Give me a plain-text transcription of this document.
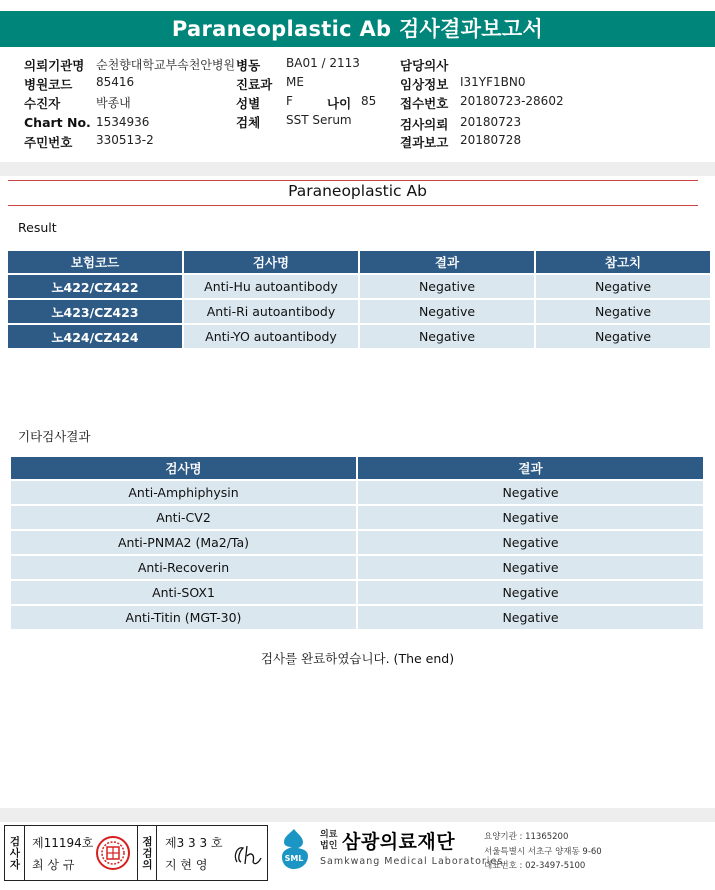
Paraneoplastic Ab 검사결과보고서
의뢰기관명 순천향대학교부속천안병원 병동 BA01 / 2113	담당의사
병원코드 85416	진료과 ME	임상정보 I31YF1BN0
수진자	박종내	성별 F	나이 85 접수번호 20180723-28602
Chart No. 1534936	검체 SST Serum	검사의뢰 20180723
주민번호 330513-2	결과보고 20180728
Paraneoplastic Ab
Result
보험코드	검사명	결과	참고치
노422/CZ422	Anti-Hu autoantibody	Negative	Negative
노423/CZ423	Anti-Ri autoantibody	Negative	Negative
노424/CZ424	Anti-YO autoantibody	Negative	Negative
기타검사결과
검사명	결과
Anti-Amphiphysin	Negative
Anti-CV2	Negative
Anti-PNMA2 (Ma2/Ta)	Negative
Anti-Recoverin	Negative
Anti-SOX1	Negative
Anti-Titin (MGT-30)	Negative
검사를 완료하였습니다. (The end)
검사자 제11194호
최 상 규	점검의 제3 3 3 호
지 현 영	SML
의료 법인 삼광의료재단
Samkwang Medical Laboratories
요양기관 : 11365200
서울특별시 서초구 양재동 9-60
대표번호 : 02-3497-5100
